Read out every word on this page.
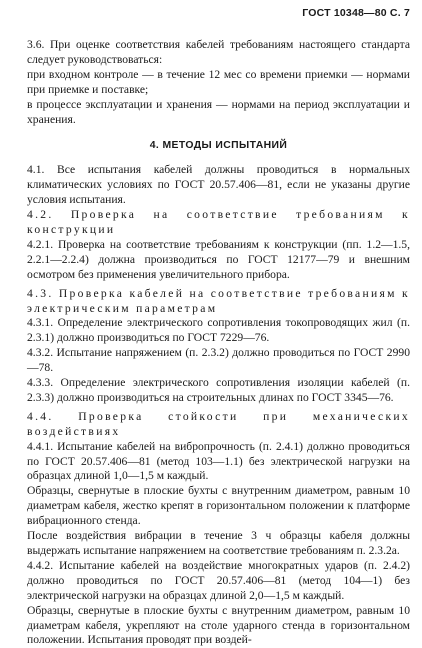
ГОСТ 10348—80 С. 7

3.6. При оценке соответствия кабелей требованиям настоящего стандарта следует руководствоваться:
при входном контроле — в течение 12 мес со времени приемки — нормами при приемке и поставке;
в процессе эксплуатации и хранения — нормами на период эксплуатации и хранения.

4. МЕТОДЫ ИСПЫТАНИЙ

4.1. Все испытания кабелей должны проводиться в нормальных климатических условиях по ГОСТ 20.57.406—81, если не указаны другие условия испытания.

4.2. Проверка на соответствие требованиям к конструкции

4.2.1. Проверка на соответствие требованиям к конструкции (пп. 1.2—1.5, 2.2.1—2.2.4) должна производиться по ГОСТ 12177—79 и внешним осмотром без применения увеличительного прибора.

4.3. Проверка кабелей на соответствие требованиям к электрическим параметрам

4.3.1. Определение электрического сопротивления токопроводящих жил (п. 2.3.1) должно производиться по ГОСТ 7229—76.

4.3.2. Испытание напряжением (п. 2.3.2) должно проводиться по ГОСТ 2990—78.

4.3.3. Определение электрического сопротивления изоляции кабелей (п. 2.3.3) должно производиться на строительных длинах по ГОСТ 3345—76.

4.4. Проверка стойкости при механических воздействиях

4.4.1. Испытание кабелей на вибропрочность (п. 2.4.1) должно проводиться по ГОСТ 20.57.406—81 (метод 103—1.1) без электрической нагрузки на образцах длиной 1,0—1,5 м каждый.

Образцы, свернутые в плоские бухты с внутренним диаметром, равным 10 диаметрам кабеля, жестко крепят в горизонтальном положении к платформе вибрационного стенда.

После воздействия вибрации в течение 3 ч образцы кабеля должны выдержать испытание напряжением на соответствие требованиям п. 2.3.2а.

4.4.2. Испытание кабелей на воздействие многократных ударов (п. 2.4.2) должно проводиться по ГОСТ 20.57.406—81 (метод 104—1) без электрической нагрузки на образцах длиной 2,0—1,5 м каждый.

Образцы, свернутые в плоские бухты с внутренним диаметром, равным 10 диаметрам кабеля, укрепляют на столе ударного стенда в горизонтальном положении. Испытания проводят при воздей-
